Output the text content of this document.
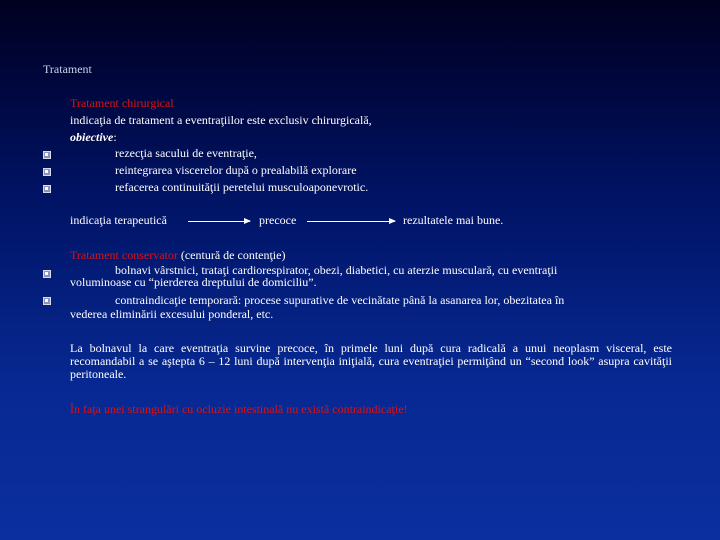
Tratament
Tratament chirurgical
indicaţia de tratament a eventraţiilor este exclusiv chirurgicală,
obiective:
rezecţia sacului de eventraţie,
reintegrarea viscerelor după o prealabilă explorare
refacerea continuităţii peretelui musculoaponevrotic.
indicaţia terapeutică	precoce	rezultatele mai bune.
Tratament conservator (centură de contenţie)
bolnavi vârstnici, trataţi cardiorespirator, obezi, diabetici, cu aterzie musculară, cu eventraţii
voluminoase cu “pierderea dreptului de domiciliu”.
contraindicaţie temporară: procese supurative de vecinătate până la asanarea lor, obezitatea în
vederea eliminării excesului ponderal, etc.
La bolnavul la care eventraţia survine precoce, în primele luni după cura radicală a unui neoplasm visceral, este recomandabil a se aştepta 6 – 12 luni după intervenţia iniţială, cura eventraţiei permiţând un “second look” asupra cavităţii peritoneale.
În faţa unei strangulări cu ocluzie intestinală nu există contraindicaţie!
